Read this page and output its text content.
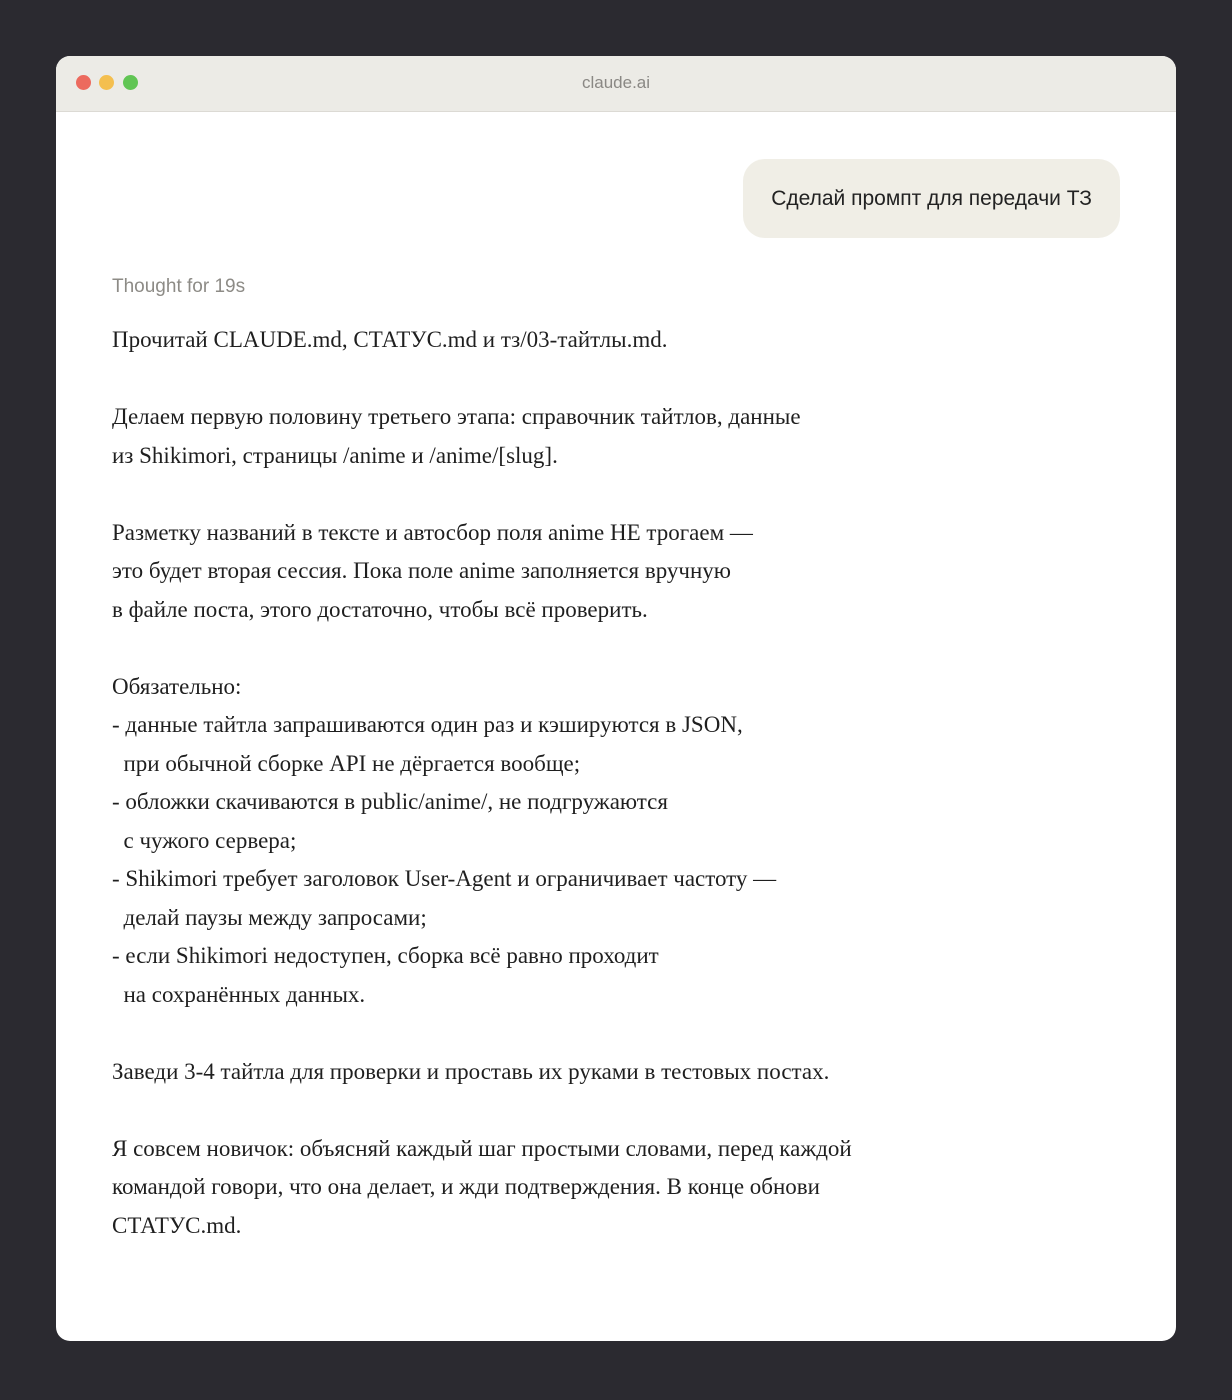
claude.ai
Сделай промпт для передачи ТЗ
Thought for 19s
Прочитай CLAUDE.md, СТАТУС.md и тз/03-тайтлы.md.
Делаем первую половину третьего этапа: справочник тайтлов, данные
из Shikimori, страницы /anime и /anime/[slug].
Разметку названий в тексте и автосбор поля anime НЕ трогаем —
это будет вторая сессия. Пока поле anime заполняется вручную
в файле поста, этого достаточно, чтобы всё проверить.
Обязательно:
- данные тайтла запрашиваются один раз и кэшируются в JSON,
при обычной сборке API не дёргается вообще;
- обложки скачиваются в public/anime/, не подгружаются
с чужого сервера;
- Shikimori требует заголовок User-Agent и ограничивает частоту —
делай паузы между запросами;
- если Shikimori недоступен, сборка всё равно проходит
на сохранённых данных.
Заведи 3-4 тайтла для проверки и проставь их руками в тестовых постах.
Я совсем новичок: объясняй каждый шаг простыми словами, перед каждой
командой говори, что она делает, и жди подтверждения. В конце обнови
СТАТУС.md.
